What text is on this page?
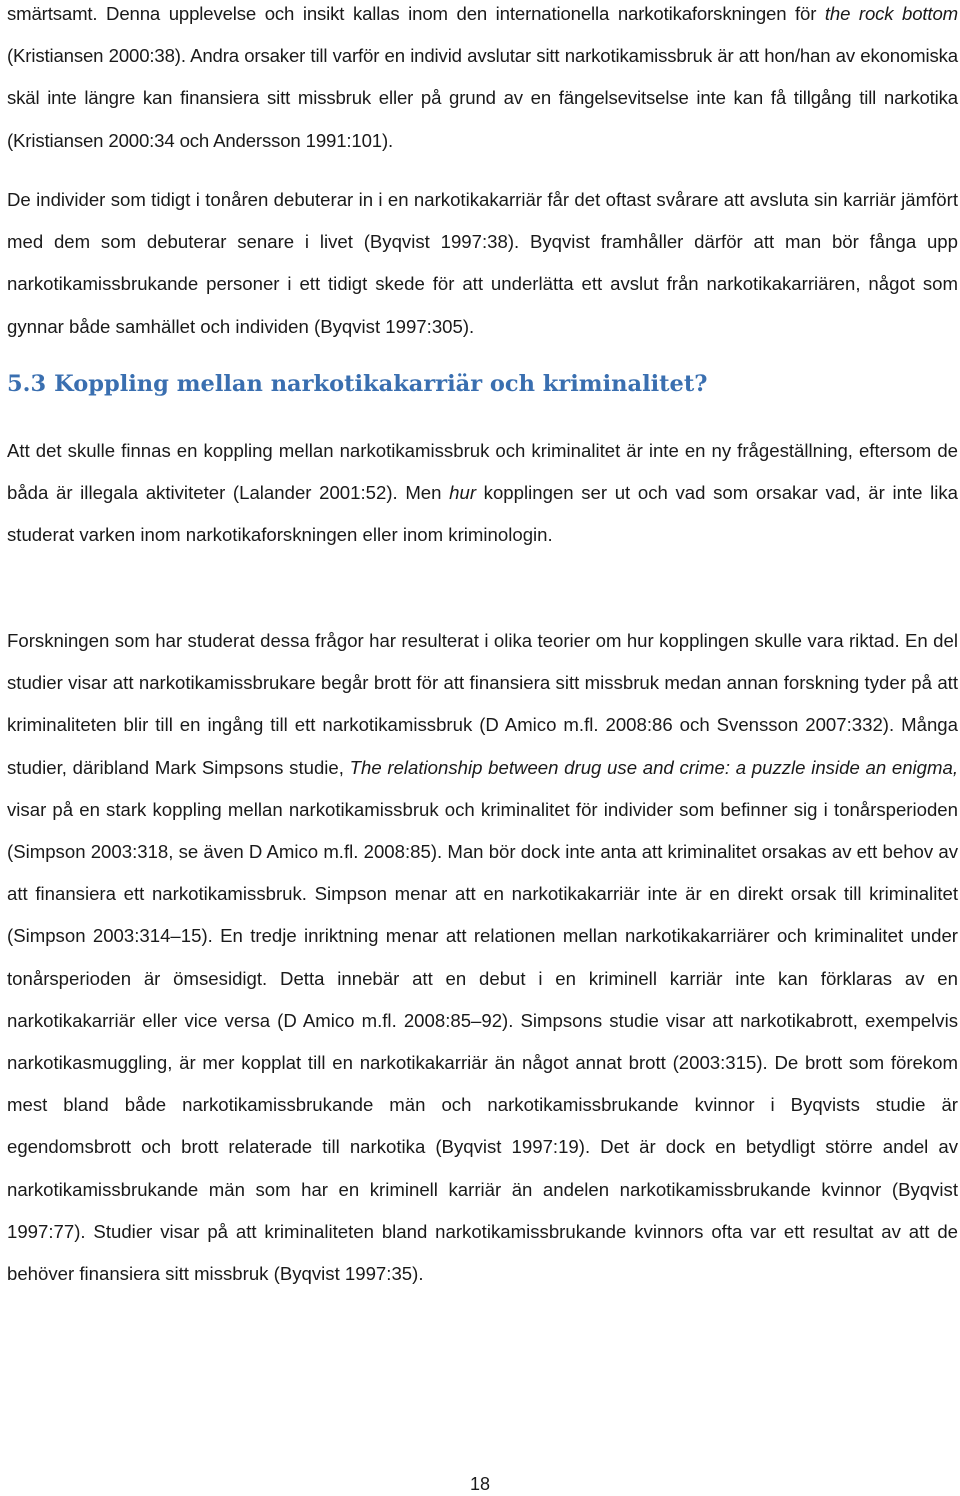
smärtsamt. Denna upplevelse och insikt kallas inom den internationella narkotikaforskningen för the rock bottom (Kristiansen 2000:38). Andra orsaker till varför en individ avslutar sitt narkotikamissbruk är att hon/han av ekonomiska skäl inte längre kan finansiera sitt missbruk eller på grund av en fängelsevitselse inte kan få tillgång till narkotika (Kristiansen 2000:34 och Andersson 1991:101).

De individer som tidigt i tonåren debuterar in i en narkotikakarriär får det oftast svårare att avsluta sin karriär jämfört med dem som debuterar senare i livet (Byqvist 1997:38). Byqvist framhåller därför att man bör fånga upp narkotikamissbrukande personer i ett tidigt skede för att underlätta ett avslut från narkotikakarriären, något som gynnar både samhället och individen (Byqvist 1997:305).

5.3 Koppling mellan narkotikakarriär och kriminalitet?

Att det skulle finnas en koppling mellan narkotikamissbruk och kriminalitet är inte en ny frågeställning, eftersom de båda är illegala aktiviteter (Lalander 2001:52). Men hur kopplingen ser ut och vad som orsakar vad, är inte lika studerat varken inom narkotikaforskningen eller inom kriminologin.

Forskningen som har studerat dessa frågor har resulterat i olika teorier om hur kopplingen skulle vara riktad. En del studier visar att narkotikamissbrukare begår brott för att finansiera sitt missbruk medan annan forskning tyder på att kriminaliteten blir till en ingång till ett narkotikamissbruk (D Amico m.fl. 2008:86 och Svensson 2007:332). Många studier, däribland Mark Simpsons studie, The relationship between drug use and crime: a puzzle inside an enigma, visar på en stark koppling mellan narkotikamissbruk och kriminalitet för individer som befinner sig i tonårsperioden (Simpson 2003:318, se även D Amico m.fl. 2008:85). Man bör dock inte anta att kriminalitet orsakas av ett behov av att finansiera ett narkotikamissbruk. Simpson menar att en narkotikakarriär inte är en direkt orsak till kriminalitet (Simpson 2003:314–15). En tredje inriktning menar att relationen mellan narkotikakarriärer och kriminalitet under tonårsperioden är ömsesidigt. Detta innebär att en debut i en kriminell karriär inte kan förklaras av en narkotikakarriär eller vice versa (D Amico m.fl. 2008:85–92). Simpsons studie visar att narkotikabrott, exempelvis narkotikasmuggling, är mer kopplat till en narkotikakarriär än något annat brott (2003:315). De brott som förekom mest bland både narkotikamissbrukande män och narkotikamissbrukande kvinnor i Byqvists studie är egendomsbrott och brott relaterade till narkotika (Byqvist 1997:19). Det är dock en betydligt större andel av narkotikamissbrukande män som har en kriminell karriär än andelen narkotikamissbrukande kvinnor (Byqvist 1997:77). Studier visar på att kriminaliteten bland narkotikamissbrukande kvinnors ofta var ett resultat av att de behöver finansiera sitt missbruk (Byqvist 1997:35).

18
